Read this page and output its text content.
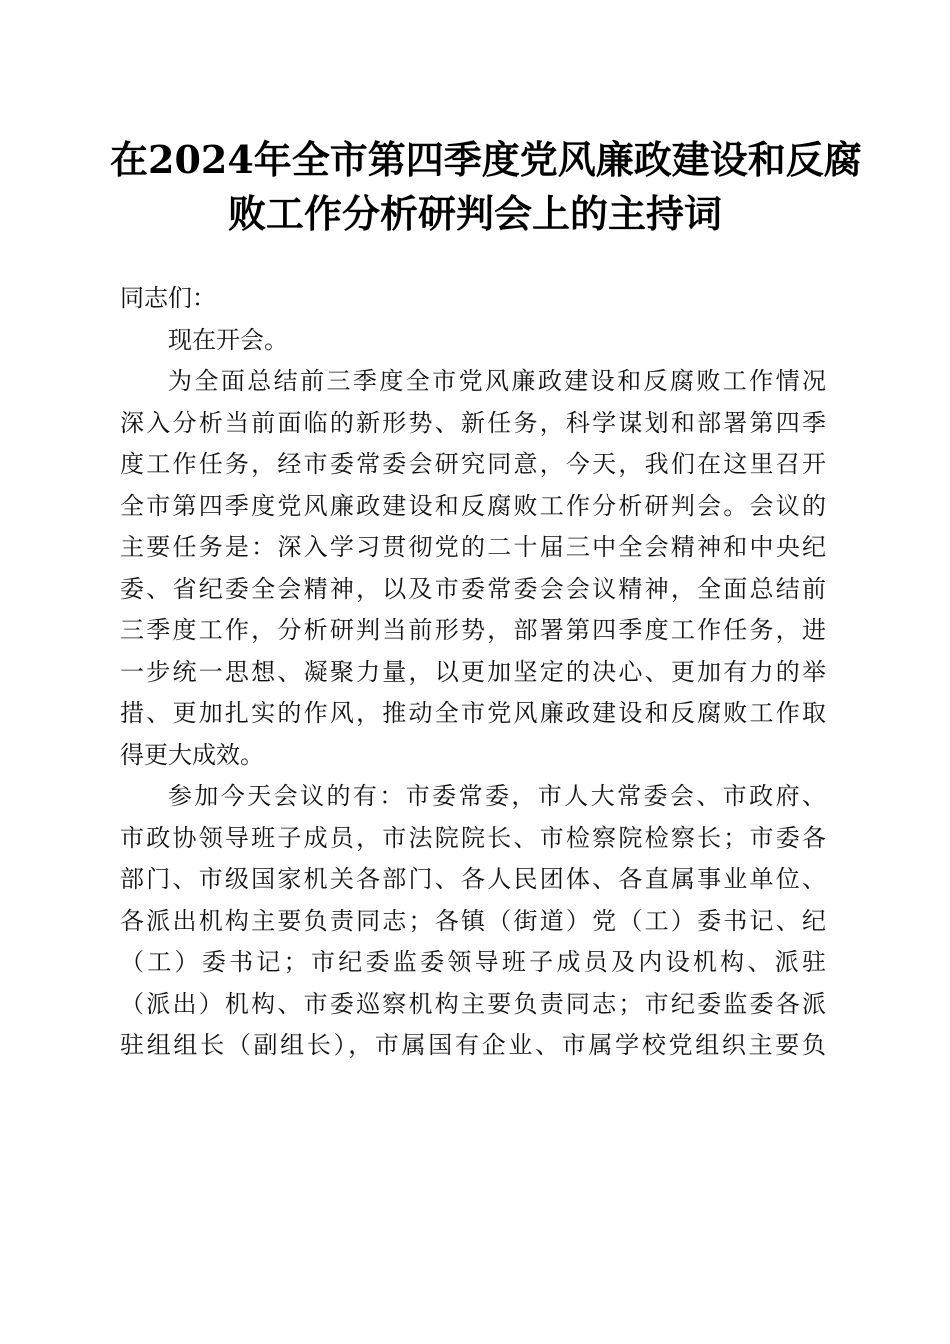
在2024年全市第四季度党风廉政建设和反腐
败工作分析研判会上的主持词
同志们：
现在开会。
为全面总结前三季度全市党风廉政建设和反腐败工作情况
深入分析当前面临的新形势、新任务，科学谋划和部署第四季
度工作任务，经市委常委会研究同意，今天，我们在这里召开
全市第四季度党风廉政建设和反腐败工作分析研判会。会议的
主要任务是：深入学习贯彻党的二十届三中全会精神和中央纪
委、省纪委全会精神，以及市委常委会会议精神，全面总结前
三季度工作，分析研判当前形势，部署第四季度工作任务，进
一步统一思想、凝聚力量，以更加坚定的决心、更加有力的举
措、更加扎实的作风，推动全市党风廉政建设和反腐败工作取
得更大成效。
参加今天会议的有：市委常委，市人大常委会、市政府、
市政协领导班子成员，市法院院长、市检察院检察长；市委各
部门、市级国家机关各部门、各人民团体、各直属事业单位、
各派出机构主要负责同志；各镇（街道）党（工）委书记、纪
（工）委书记；市纪委监委领导班子成员及内设机构、派驻
（派出）机构、市委巡察机构主要负责同志；市纪委监委各派
驻组组长（副组长），市属国有企业、市属学校党组织主要负
